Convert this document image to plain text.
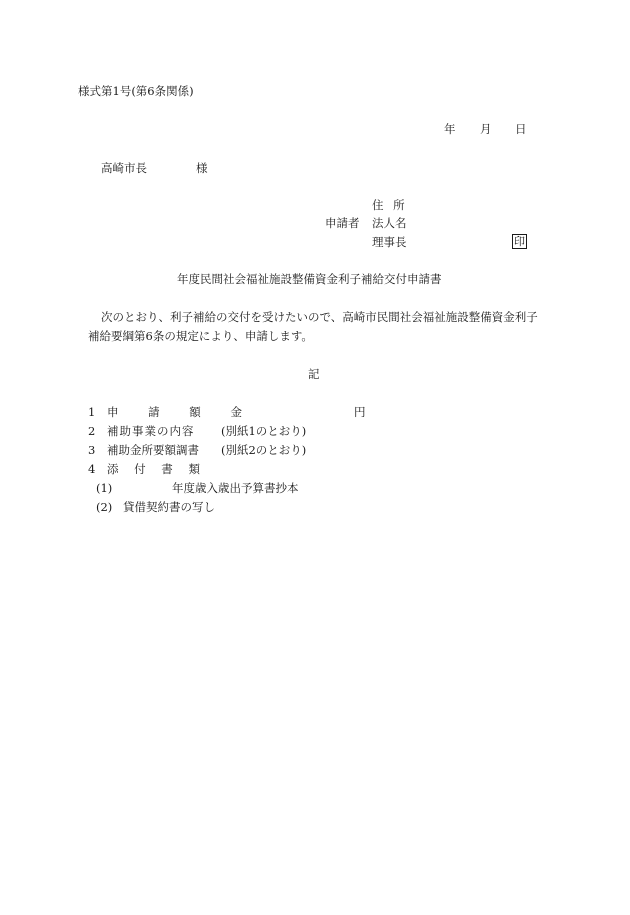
様式第1号(第6条関係)
年 月 日
高崎市長	様
住 所
申請者 法人名
理事長	印
年度民間社会福祉施設整備資金利子補給交付申請書
次のとおり、利子補給の交付を受けたいので、高崎市民間社会福祉施設整備資金利子
補給要綱第6条の規定により、申請します。
記
1 申 請 額 金	円
2 補助事業の内容 (別紙1のとおり)
3 補助金所要額調書 (別紙2のとおり)
4 添 付 書 類
(1)	年度歳入歳出予算書抄本
(2) 貸借契約書の写し
